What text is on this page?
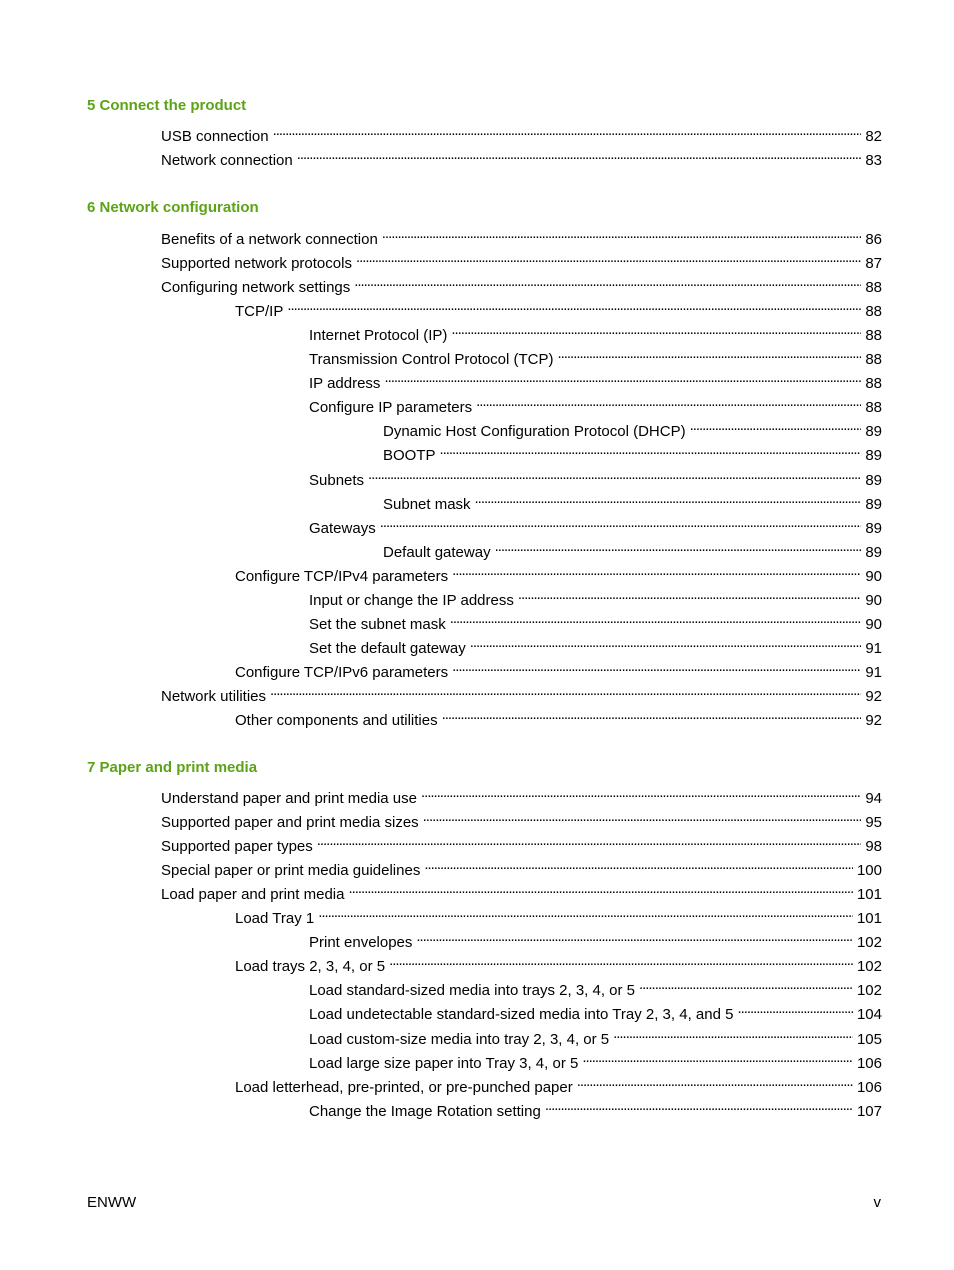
5 Connect the product
USB connection . . .	82
Network connection . . .	83
6 Network configuration
Benefits of a network connection . . .	86
Supported network protocols . . .	87
Configuring network settings . . .	88
TCP/IP . . .	88
Internet Protocol (IP) . . .	88
Transmission Control Protocol (TCP) . . .	88
IP address . . .	88
Configure IP parameters . . .	88
Dynamic Host Configuration Protocol (DHCP) . . .	89
BOOTP . . .	89
Subnets . . .	89
Subnet mask . . .	89
Gateways . . .	89
Default gateway . . .	89
Configure TCP/IPv4 parameters . . .	90
Input or change the IP address . . .	90
Set the subnet mask . . .	90
Set the default gateway . . .	91
Configure TCP/IPv6 parameters . . .	91
Network utilities . . .	92
Other components and utilities . . .	92
7 Paper and print media
Understand paper and print media use . . .	94
Supported paper and print media sizes . . .	95
Supported paper types . . .	98
Special paper or print media guidelines . . .	100
Load paper and print media . . .	101
Load Tray 1 . . .	101
Print envelopes . . .	102
Load trays 2, 3, 4, or 5 . . .	102
Load standard-sized media into trays 2, 3, 4, or 5 . . .	102
Load undetectable standard-sized media into Tray 2, 3, 4, and 5 . . .	104
Load custom-size media into tray 2, 3, 4, or 5 . . .	105
Load large size paper into Tray 3, 4, or 5 . . .	106
Load letterhead, pre-printed, or pre-punched paper . . .	106
Change the Image Rotation setting . . .	107
ENWW	v
